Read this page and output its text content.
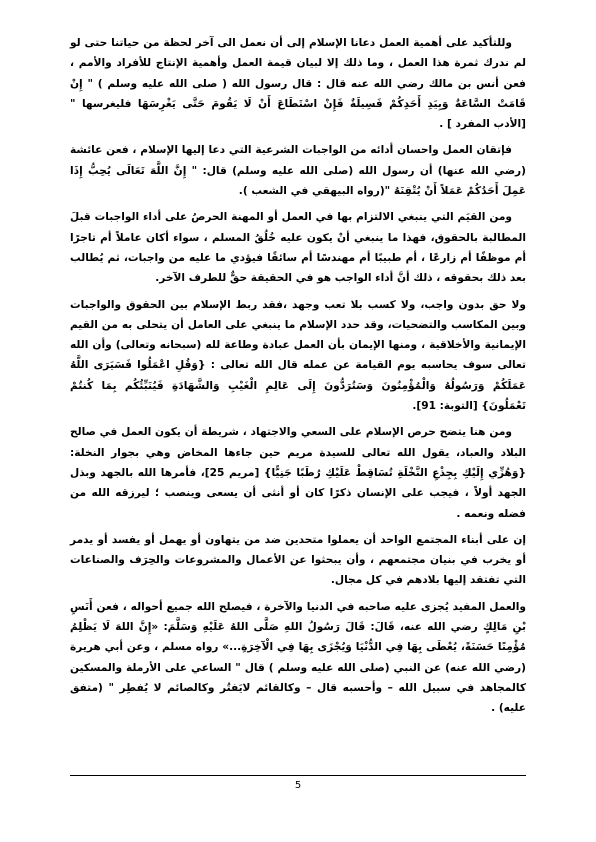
وللتأكيد على أهمية العمل دعانا الإسلام إلى أن نعمل الى آخر لحظة من حياتنا حتى لو لم ندرك ثمرة هذا العمل ، وما ذلك إلا لبيان قيمة العمل وأهمية الإنتاج للأفراد والأمم ، فعن أنس بن مالك رضي الله عنه قال : قال رسول الله ( صلى الله عليه وسلم ) " إِنْ قَامَتْ السَّاعَةُ وَبِيَدِ أَحَدِكُمْ فَسِيلَةٌ فَإِنْ اسْتَطَاعَ أَنْ لَا يَقُومَ حَتَّى يَغْرِسَهَا فليغرسها " [الأدب المفرد ] .

فإتقان العمل واحسان أدائه من الواجبات الشرعية التي دعا إليها الإسلام ، فعن عائشة (رضي الله عنها) أن رسول الله (صلى الله عليه وسلم) قال: " إِنَّ اللَّهَ تَعَالَى يُحِبُّ إِذَا عَمِلَ أَحَدُكُمْ عَمَلاً أَنْ يُتْقِنَهُ "(رواه البيهقي في الشعب ).

ومن القيَم التي ينبغي الالتزام بها في العمل أو المهنة الحرصُ على أداء الواجبات قبلَ المطالبة بالحقوق، فهذا ما ينبغي أنْ يكون عليه خُلُقُ المسلم ، سواء أكان عاملاً أم تاجرًا أم موظفًا أم زارعًا ، أم طبيبًا أم مهندسًا أم سائقًا فيؤدي ما عليه من واجبات، ثم يُطالب بعد ذلك بحقوقه ، ذلك أنَّ أداء الواجب هو في الحقيقة حقٌّ للطرف الآخر.

ولا حق بدون واجب، ولا كسب بلا تعب وجهد ،فقد ربط الإسلام بين الحقوق والواجبات وبين المكاسب والتضحيات، وقد حدد الإسلام ما ينبغي على العامل أن يتحلى به من القيم الإيمانية والأخلاقية ، ومنها الإيمان بأن العمل عبادة وطاعة لله (سبحانه وتعالى) وأن الله تعالى سوف يحاسبه يوم القيامة عن عمله قال الله تعالى : {وَقُلِ اعْمَلُوا فَسَيَرَى اللَّهُ عَمَلَكُمْ وَرَسُولُهُ وَالْمُؤْمِنُونَ وَسَتُرَدُّونَ إِلَى عَالِمِ الْغَيْبِ وَالشَّهَادَةِ فَيُنَبِّئُكُم بِمَا كُنتُمْ تَعْمَلُونَ} [التوبة: 91].

ومن هنا يتضح حرص الإسلام على السعي والاجتهاد ، شريطة أن يكون العمل في صالح البلاد والعباد، يقول الله تعالى للسيدة مريم حين جاءها المخاض وهي بجوار النخلة: {وَهُزِّي إِلَيْكِ بِجِذْعِ النَّخْلَةِ تُسَاقِطْ عَلَيْكِ رُطَبًا جَنِيًّا} [مريم 25]، فأمرها الله بالجهد وبذل الجهد أولاً ، فيجب على الإنسان ذكرًا كان أو أنثى أن يسعى وينصب ؛ ليرزقه الله من فضله ونعمه .

إن على أبناء المجتمع الواحد أن يعملوا متحدين ضد من يتهاون أو يهمل أو يفسد أو يدمر أو يخرب في بنيان مجتمعهم ، وأن يبحثوا عن الأعمال والمشروعات والحِرَف والصناعات التي تفتقد إليها بلادهم في كل مجال.

والعمل المفيد يُجزى عليه صاحبه في الدنيا والآخرة ، فيصلح الله جميع أحواله ، فعن أَنَسِ بْنِ مَالِكٍ رضي الله عنه، قَالَ: قَالَ رَسُولُ اللهِ صَلَّى اللهُ عَلَيْهِ وَسَلَّمَ: «إِنَّ اللهَ لَا يَظْلِمُ مُؤْمِنًا حَسَنَةً، يُعْطَى بِهَا فِي الدُّنْيَا وَيُجْزَى بِهَا فِي الْآخِرَةِ...» رواه مسلم ، وعن أبي هريرة (رضي الله عنه) عن النبي (صلى الله عليه وسلم ) قال " الساعي على الأرملة والمسكين كالمجاهد في سبيل الله – وأحسبه قال – وكالقائم لايَفتُر وكالصائم لا يُفطِر " (متفق عليه) .

5
